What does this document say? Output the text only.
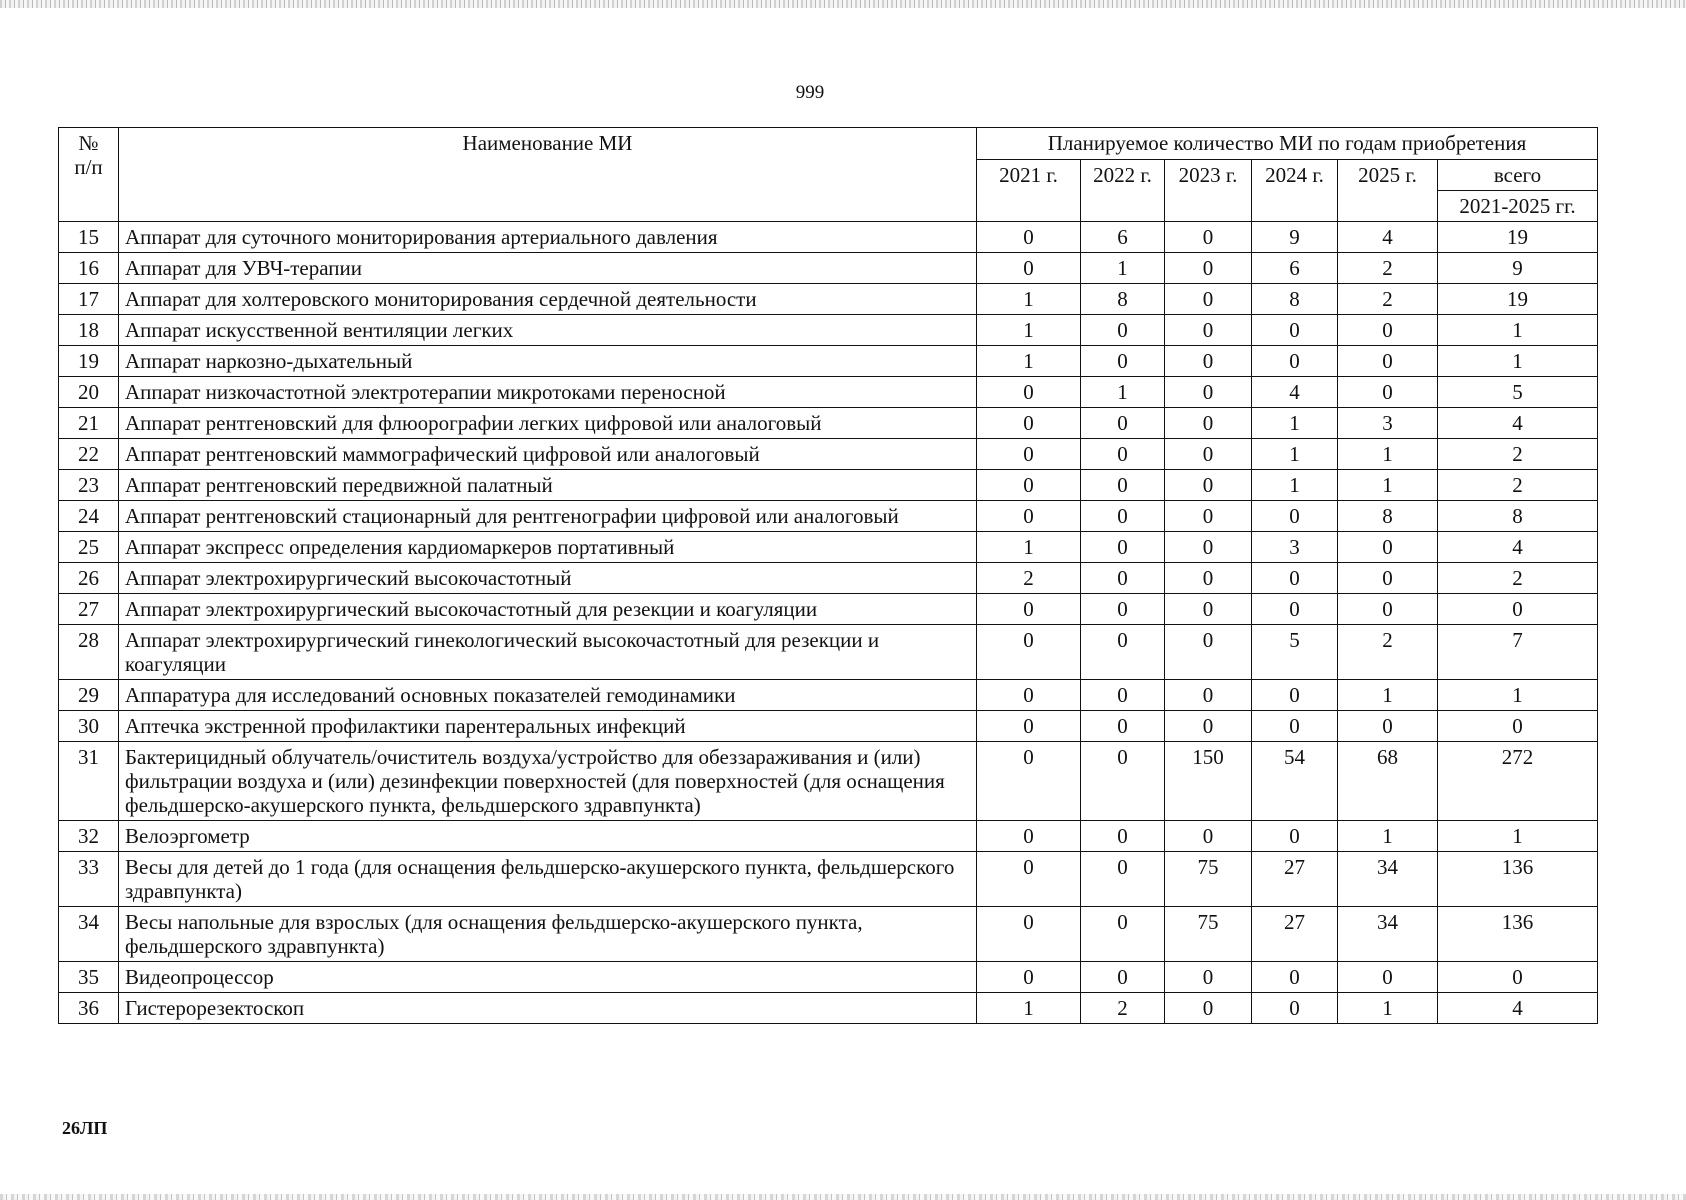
999
№
п/п	Наименование МИ	Планируемое количество МИ по годам приобретения					
		2021 г.	2022 г.	2023 г.	2024 г.	2025 г.	всего
							2021-2025 гг.
15	Аппарат для суточного мониторирования артериального давления	0	6	0	9	4	19
16	Аппарат для УВЧ-терапии	0	1	0	6	2	9
17	Аппарат для холтеровского мониторирования сердечной деятельности	1	8	0	8	2	19
18	Аппарат искусственной вентиляции легких	1	0	0	0	0	1
19	Аппарат наркозно-дыхательный	1	0	0	0	0	1
20	Аппарат низкочастотной электротерапии микротоками переносной	0	1	0	4	0	5
21	Аппарат рентгеновский для флюорографии легких цифровой или аналоговый	0	0	0	1	3	4
22	Аппарат рентгеновский маммографический цифровой или аналоговый	0	0	0	1	1	2
23	Аппарат рентгеновский передвижной палатный	0	0	0	1	1	2
24	Аппарат рентгеновский стационарный для рентгенографии цифровой или аналоговый	0	0	0	0	8	8
25	Аппарат экспресс определения кардиомаркеров портативный	1	0	0	3	0	4
26	Аппарат электрохирургический высокочастотный	2	0	0	0	0	2
27	Аппарат электрохирургический высокочастотный для резекции и коагуляции	0	0	0	0	0	0
28	Аппарат электрохирургический гинекологический высокочастотный для резекции и коагуляции	0	0	0	5	2	7
29	Аппаратура для исследований основных показателей гемодинамики	0	0	0	0	1	1
30	Аптечка экстренной профилактики парентеральных инфекций	0	0	0	0	0	0
31	Бактерицидный облучатель/очиститель воздуха/устройство для обеззараживания и (или) фильтрации воздуха и (или) дезинфекции поверхностей (для поверхностей (для оснащения фельдшерско-акушерского пункта, фельдшерского здравпункта)	0	0	150	54	68	272
32	Велоэргометр	0	0	0	0	1	1
33	Весы для детей до 1 года (для оснащения фельдшерско-акушерского пункта, фельдшерского здравпункта)	0	0	75	27	34	136
34	Весы напольные для взрослых (для оснащения фельдшерско-акушерского пункта, фельдшерского здравпункта)	0	0	75	27	34	136
35	Видеопроцессор	0	0	0	0	0	0
36	Гистерорезектоскоп	1	2	0	0	1	4
26ЛП
